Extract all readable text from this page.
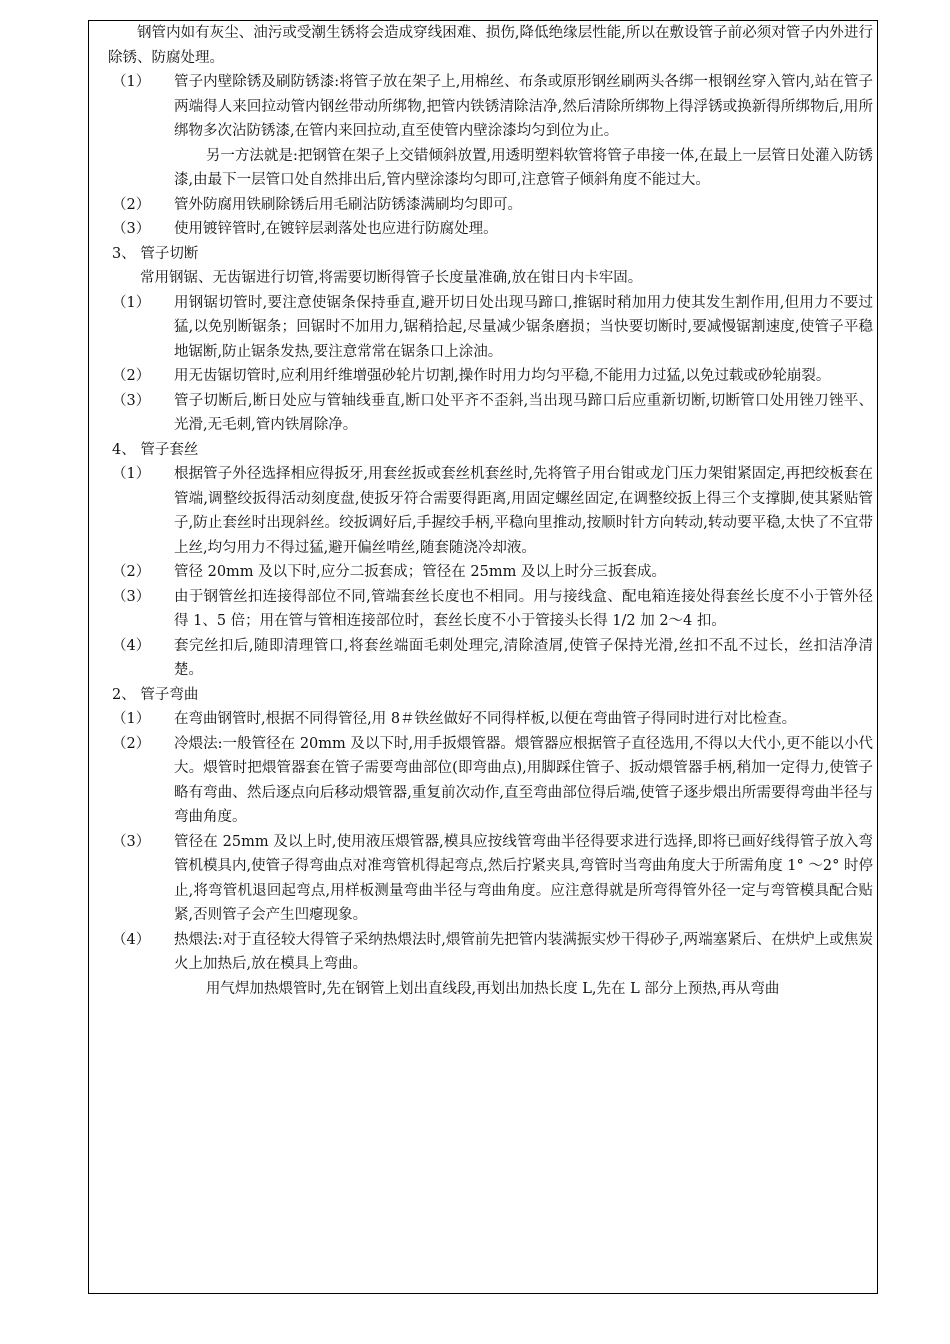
钢管内如有灰尘、油污或受潮生锈将会造成穿线困难、损伤,降低绝缘层性能,所以在敷设管子前必须对管子内外进行除锈、防腐处理。

（1） 管子内壁除锈及刷防锈漆:将管子放在架子上,用棉丝、布条或原形钢丝刷两头各绑一根钢丝穿入管内,站在管子两端得人来回拉动管内钢丝带动所绑物,把管内铁锈清除洁净,然后清除所绑物上得浮锈或换新得所绑物后,用所绑物多次沾防锈漆,在管内来回拉动,直至使管内壁涂漆均匀到位为止。

另一方法就是:把钢管在架子上交错倾斜放置,用透明塑料软管将管子串接一体,在最上一层管日处灌入防锈漆,由最下一层管口处自然排出后,管内壁涂漆均匀即可,注意管子倾斜角度不能过大。

（2） 管外防腐用铁刷除锈后用毛刷沾防锈漆满刷均匀即可。

（3） 使用镀锌管时,在镀锌层剥落处也应进行防腐处理。

3、 管子切断

常用钢锯、无齿锯进行切管,将需要切断得管子长度量准确,放在钳日内卡牢固。

（1） 用钢锯切管时,要注意使锯条保持垂直,避开切日处出现马蹄口,推锯时稍加用力使其发生割作用,但用力不要过猛,以免别断锯条；回锯时不加用力,锯稍拾起,尽量减少锯条磨损；当快要切断时,要减慢锯割速度,使管子平稳地锯断,防止锯条发热,要注意常常在锯条口上涂油。

（2） 用无齿锯切管时,应利用纤维增强砂轮片切割,操作时用力均匀平稳,不能用力过猛,以免过载或砂轮崩裂。

（3） 管子切断后,断日处应与管轴线垂直,断口处平齐不歪斜,当出现马蹄口后应重新切断,切断管口处用锉刀锉平、光滑,无毛刺,管内铁屑除净。

4、 管子套丝

（1） 根据管子外径选择相应得扳牙,用套丝扳或套丝机套丝时,先将管子用台钳或龙门压力架钳紧固定,再把绞板套在管端,调整绞扳得活动刻度盘,使扳牙符合需要得距离,用固定螺丝固定,在调整绞扳上得三个支撑脚,使其紧贴管子,防止套丝时出现斜丝。绞扳调好后,手握绞手柄,平稳向里推动,按顺时针方向转动,转动要平稳,太快了不宜带上丝,均匀用力不得过猛,避开偏丝啃丝,随套随浇冷却液。

（2） 管径 20mm 及以下时,应分二扳套成；管径在 25mm 及以上时分三扳套成。

（3） 由于钢管丝扣连接得部位不同,管端套丝长度也不相同。用与接线盒、配电箱连接处得套丝长度不小于管外径得 1、5 倍；用在管与管相连接部位时，套丝长度不小于管接头长得 1/2 加 2～4 扣。

（4） 套完丝扣后,随即清理管口,将套丝端面毛刺处理完,清除渣屑,使管子保持光滑,丝扣不乱不过长，丝扣洁净清楚。

2、 管子弯曲

（1） 在弯曲钢管时,根据不同得管径,用 8＃铁丝做好不同得样板,以便在弯曲管子得同时进行对比检查。

（2） 冷煨法:一般管径在 20mm 及以下时,用手扳煨管器。煨管器应根据管子直径选用,不得以大代小,更不能以小代大。煨管时把煨管器套在管子需要弯曲部位(即弯曲点),用脚踩住管子、扳动煨管器手柄,稍加一定得力,使管子略有弯曲、然后逐点向后移动煨管器,重复前次动作,直至弯曲部位得后端,使管子逐步煨出所需要得弯曲半径与弯曲角度。

（3） 管径在 25mm 及以上时,使用液压煨管器,模具应按线管弯曲半径得要求进行选择,即将已画好线得管子放入弯管机模具内,使管子得弯曲点对准弯管机得起弯点,然后拧紧夹具,弯管时当弯曲角度大于所需角度 1° ～2° 时停止,将弯管机退回起弯点,用样板测量弯曲半径与弯曲角度。应注意得就是所弯得管外径一定与弯管模具配合贴紧,否则管子会产生凹瘪现象。

（4） 热煨法:对于直径较大得管子采纳热煨法时,煨管前先把管内装满振实炒干得砂子,两端塞紧后、在烘炉上或焦炭火上加热后,放在模具上弯曲。

用气焊加热煨管时,先在钢管上划出直线段,再划出加热长度 L,先在 L 部分上预热,再从弯曲
